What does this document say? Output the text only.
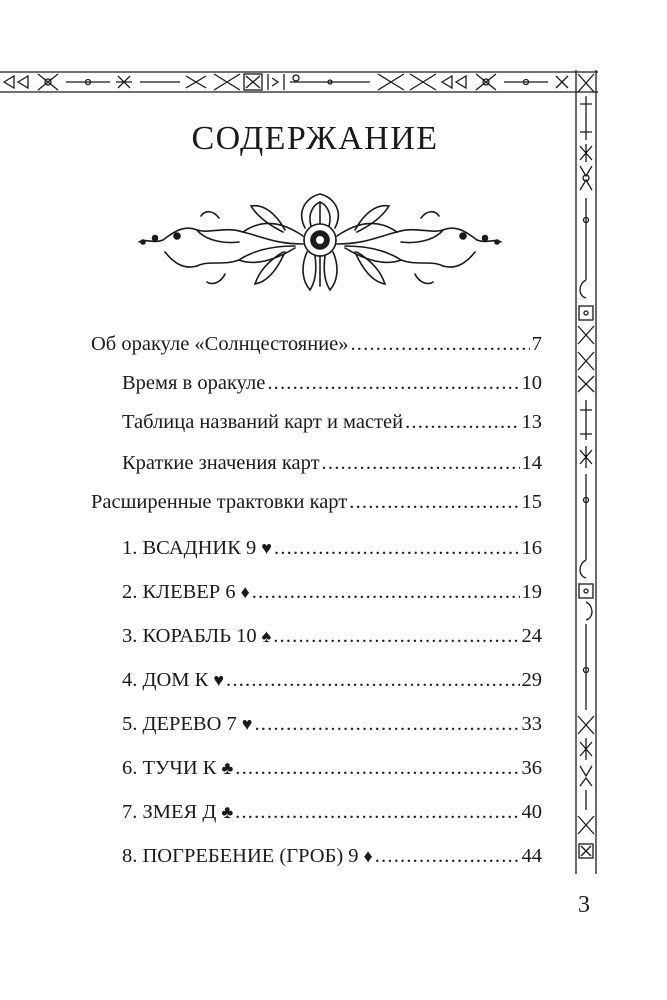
СОДЕРЖАНИЕ
Об оракуле «Солнцестояние» .....	7
Время в оракуле .....	10
Таблица названий карт и мастей .....	13
Краткие значения карт .....	14
Расширенные трактовки карт .....	15
1. ВСАДНИК 9 ♥ .....	16
2. КЛЕВЕР 6 ♦ .....	19
3. КОРАБЛЬ 10 ♠ .....	24
4. ДОМ К ♥ .....	29
5. ДЕРЕВО 7 ♥ .....	33
6. ТУЧИ К ♣ .....	36
7. ЗМЕЯ Д ♣ .....	40
8. ПОГРЕБЕНИЕ (ГРОБ) 9 ♦ .....	44
3
